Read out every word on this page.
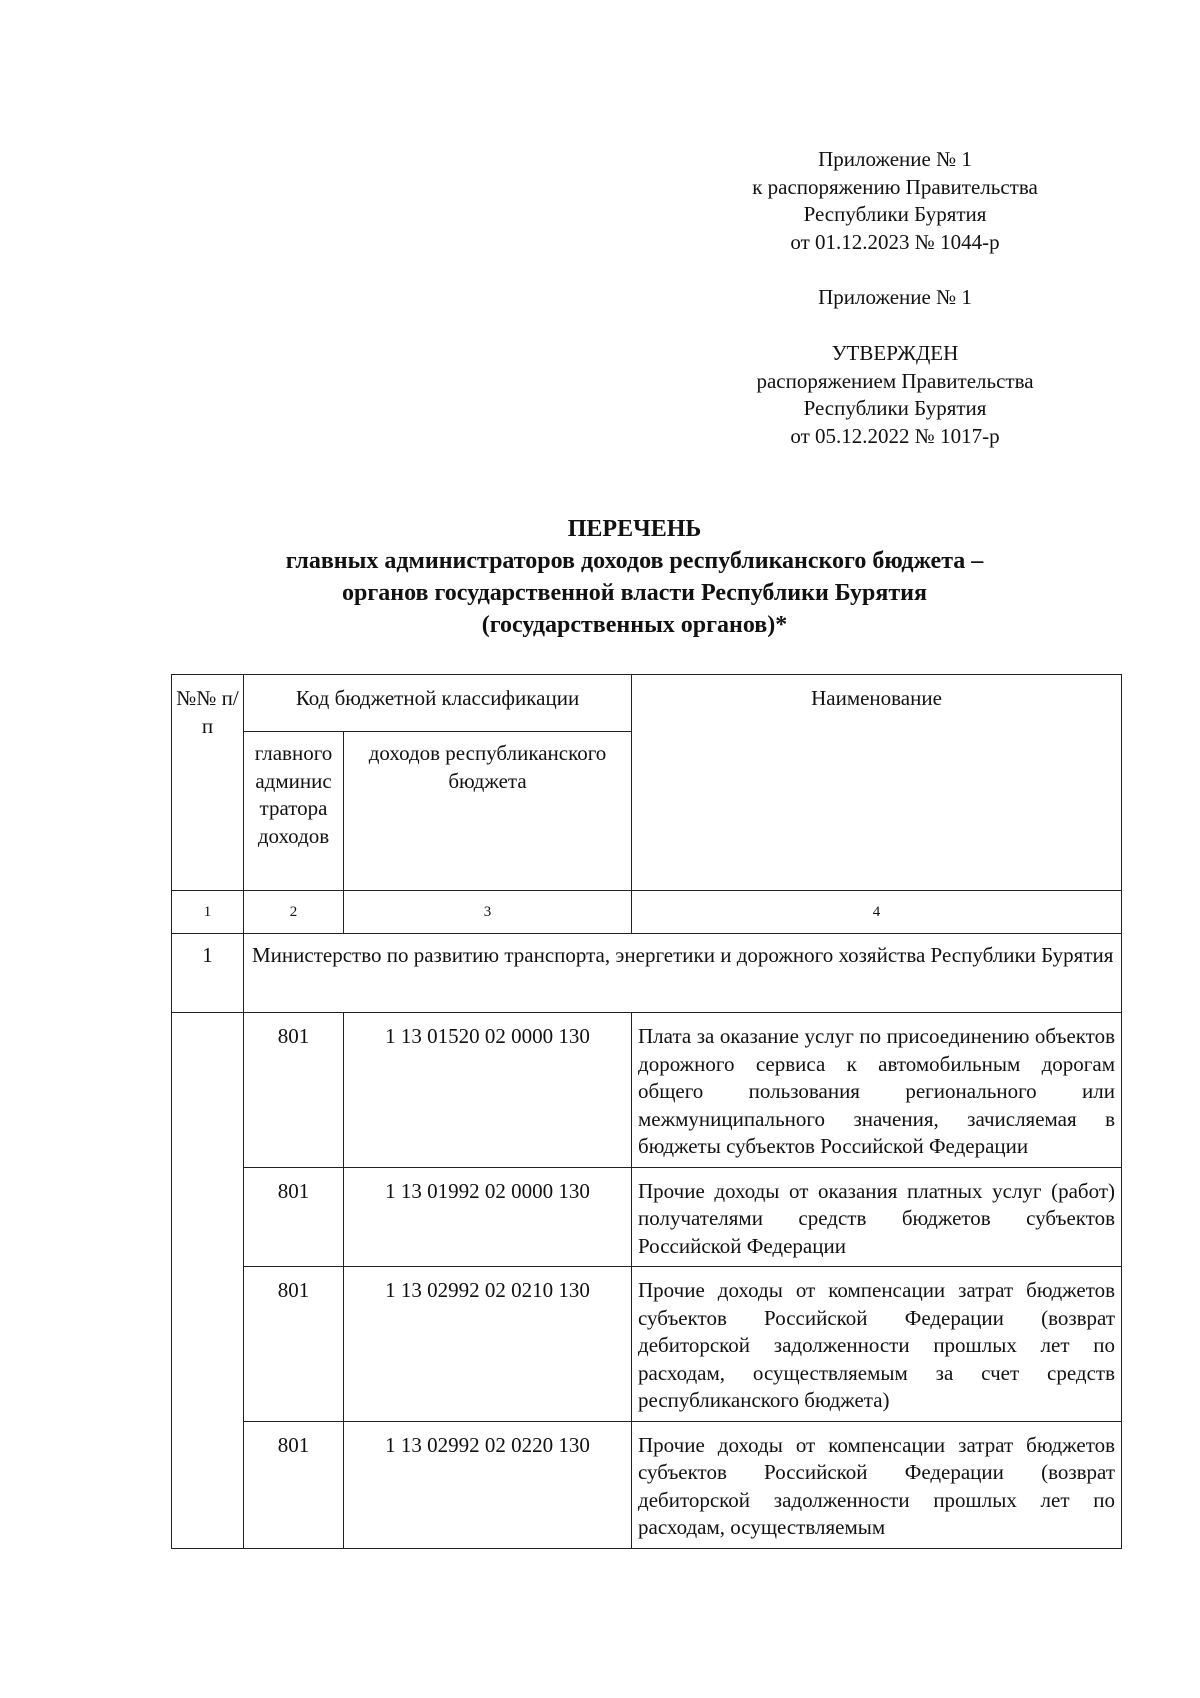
Приложение № 1
к распоряжению Правительства
Республики Бурятия
от 01.12.2023 № 1044-р
Приложение № 1
УТВЕРЖДЕН
распоряжением Правительства
Республики Бурятия
от 05.12.2022 № 1017-р
ПЕРЕЧЕНЬ
главных администраторов доходов республиканского бюджета –
органов государственной власти Республики Бурятия
(государственных органов)*
№№ п/п	Код бюджетной классификации		Наименование
	главного админис тратора доходов	доходов республиканского бюджета	
1	2	3	4
1	Министерство по развитию транспорта, энергетики и дорожного хозяйства Республики Бурятия		
	801	1 13 01520 02 0000 130	Плата за оказание услуг по присоединению объектов дорожного сервиса к автомобильным дорогам общего пользования регионального или межмуниципального значения, зачисляемая в бюджеты субъектов Российской Федерации
	801	1 13 01992 02 0000 130	Прочие доходы от оказания платных услуг (работ) получателями средств бюджетов субъектов Российской Федерации
	801	1 13 02992 02 0210 130	Прочие доходы от компенсации затрат бюджетов субъектов Российской Федерации (возврат дебиторской задолженности прошлых лет по расходам, осуществляемым за счет средств республиканского бюджета)
	801	1 13 02992 02 0220 130	Прочие доходы от компенсации затрат бюджетов субъектов Российской Федерации (возврат дебиторской задолженности прошлых лет по расходам, осуществляемым
